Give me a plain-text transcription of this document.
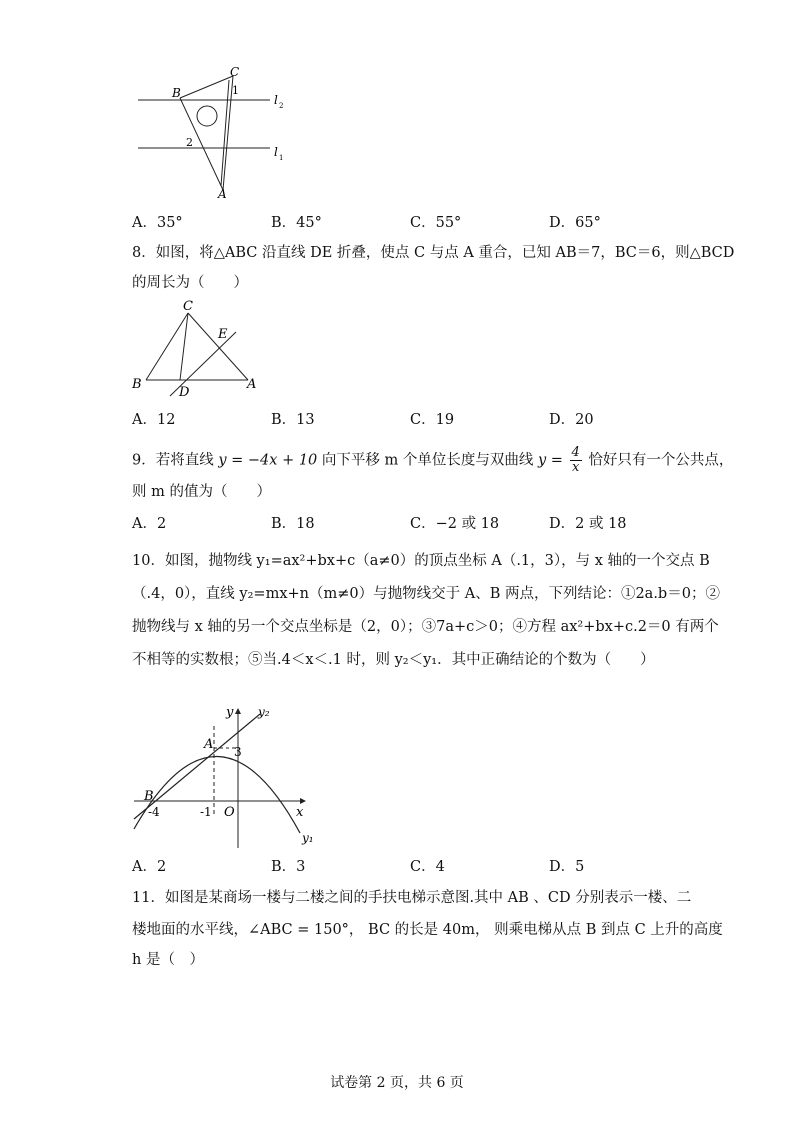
B
C
1
2
A
l 2
l 1
A．35°	B．45°	C．55°	D．65°
8．如图，将△ABC 沿直线 DE 折叠，使点 C 与点 A 重合，已知 AB＝7，BC＝6，则△BCD
的周长为（　　）
C
E
B
D
A
A．12	B．13	C．19	D．20
9．若将直线 y = −4x + 10 向下平移 m 个单位长度与双曲线 $y = \frac{4}{x}$ 恰好只有一个公共点，
则 m 的值为（　　）
A．2	B．18	C．−2 或 18	D．2 或 18
10．如图，抛物线 y₁=ax²+bx+c（a≠0）的顶点坐标 A（.1，3），与 x 轴的一个交点 B
（.4，0），直线 y₂=mx+n（m≠0）与抛物线交于 A、B 两点，下列结论：①2a.b＝0；②
抛物线与 x 轴的另一个交点坐标是（2，0）；③7a+c＞0；④方程 ax²+bx+c.2＝0 有两个
不相等的实数根；⑤当.4＜x＜.1 时，则 y₂＜y₁．其中正确结论的个数为（　　）
y y₂
A 3
B
-4	-1 O	x
y₁
A．2	B．3	C．4	D．5
11．如图是某商场一楼与二楼之间的手扶电梯示意图.其中 AB 、CD 分别表示一楼、二
楼地面的水平线，∠ABC = 150°， BC 的长是 40m， 则乘电梯从点 B 到点 C 上升的高度
h 是（　）
试卷第 2 页，共 6 页
